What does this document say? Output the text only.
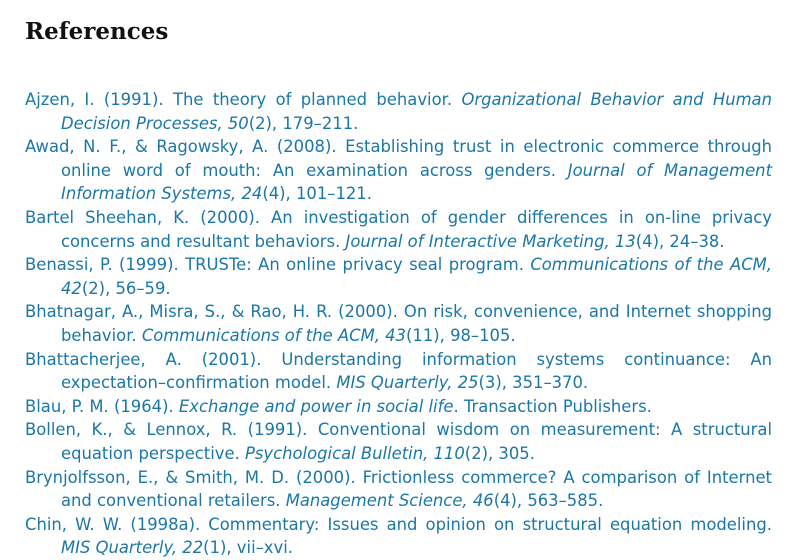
References
Ajzen, I. (1991). The theory of planned behavior. Organizational Behavior and Human Decision Processes, 50(2), 179–211.
Awad, N. F., & Ragowsky, A. (2008). Establishing trust in electronic commerce through online word of mouth: An examination across genders. Journal of Management Information Systems, 24(4), 101–121.
Bartel Sheehan, K. (2000). An investigation of gender differences in on-line privacy concerns and resultant behaviors. Journal of Interactive Marketing, 13(4), 24–38.
Benassi, P. (1999). TRUSTe: An online privacy seal program. Communications of the ACM, 42(2), 56–59.
Bhatnagar, A., Misra, S., & Rao, H. R. (2000). On risk, convenience, and Internet shopping behavior. Communications of the ACM, 43(11), 98–105.
Bhattacherjee, A. (2001). Understanding information systems continuance: An expectation–confirmation model. MIS Quarterly, 25(3), 351–370.
Blau, P. M. (1964). Exchange and power in social life. Transaction Publishers.
Bollen, K., & Lennox, R. (1991). Conventional wisdom on measurement: A structural equation perspective. Psychological Bulletin, 110(2), 305.
Brynjolfsson, E., & Smith, M. D. (2000). Frictionless commerce? A comparison of Internet and conventional retailers. Management Science, 46(4), 563–585.
Chin, W. W. (1998a). Commentary: Issues and opinion on structural equation modeling. MIS Quarterly, 22(1), vii–xvi.
